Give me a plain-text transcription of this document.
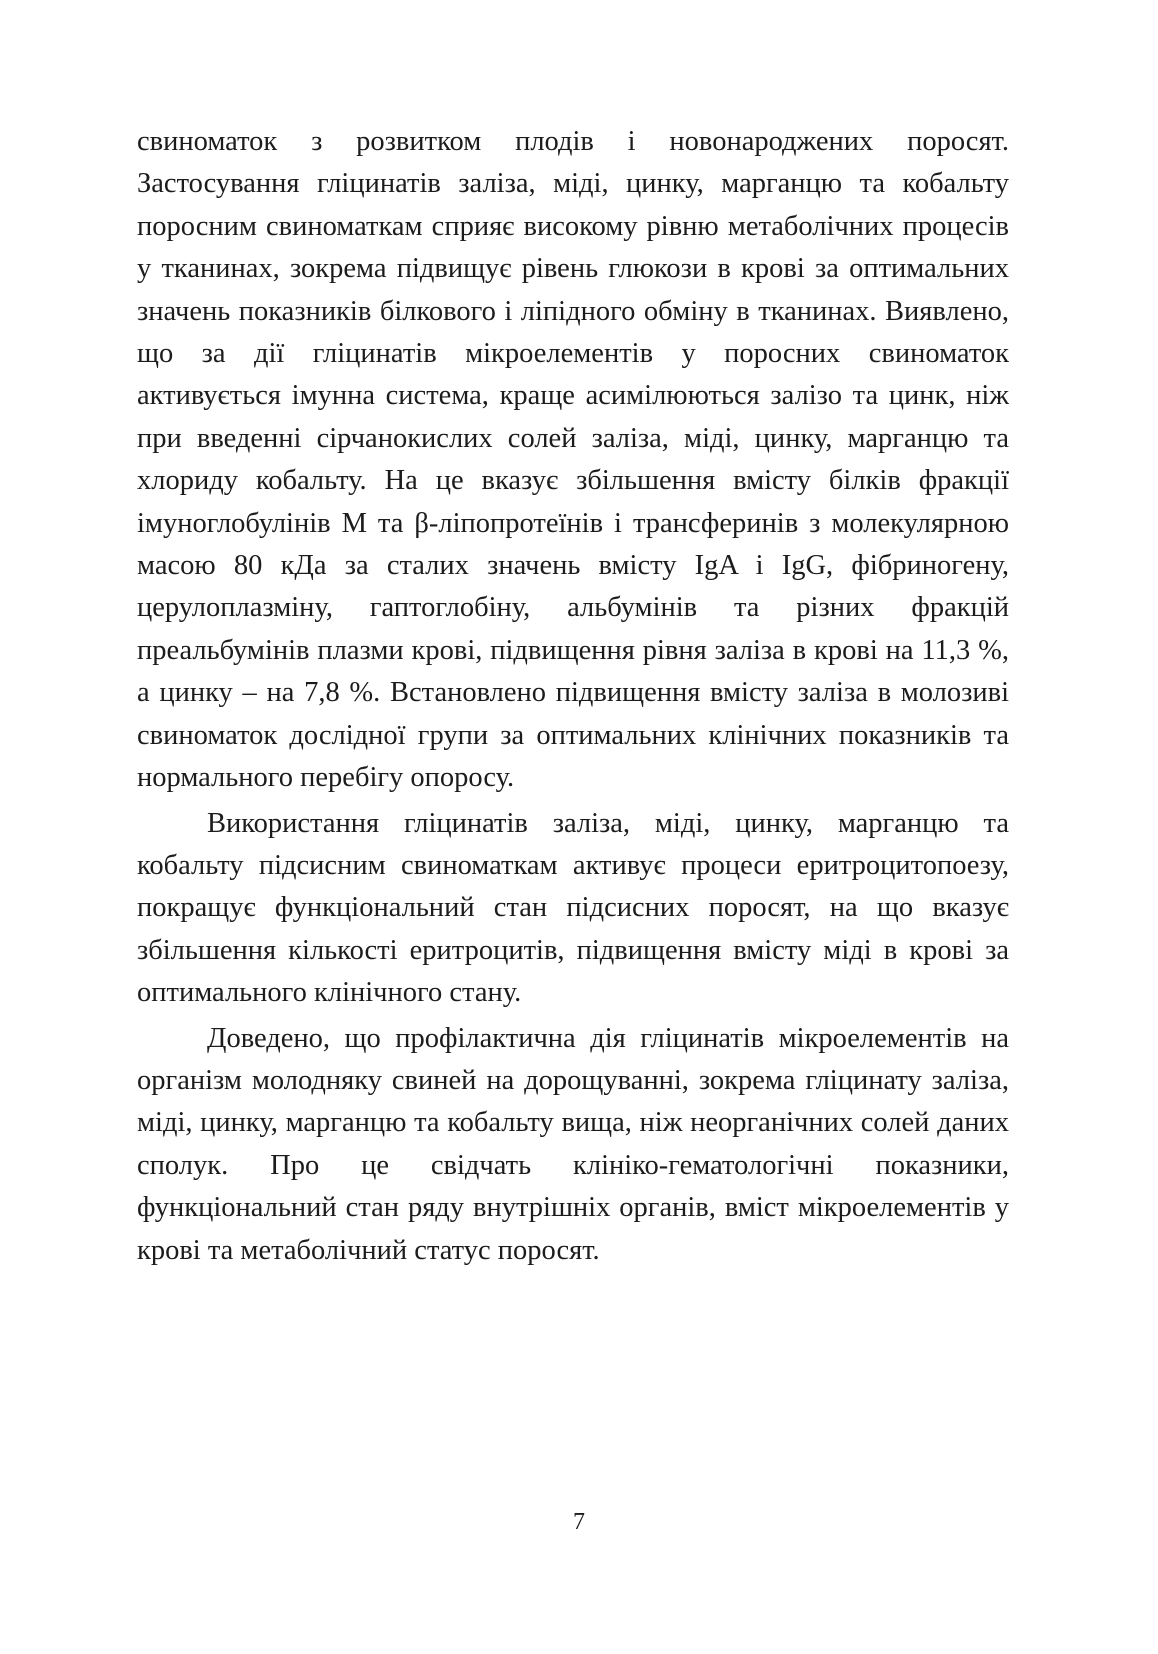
свиноматок з розвитком плодів і новонароджених поросят. Застосування гліцинатів заліза, міді, цинку, марганцю та кобальту поросним свиноматкам сприяє високому рівню метаболічних процесів у тканинах, зокрема підвищує рівень глюкози в крові за оптимальних значень показників білкового і ліпідного обміну в тканинах. Виявлено, що за дії гліцинатів мікроелементів у поросних свиноматок активується імунна система, краще асимілюються залізо та цинк, ніж при введенні сірчанокислих солей заліза, міді, цинку, марганцю та хлориду кобальту. На це вказує збільшення вмісту білків фракції імуноглобулінів М та β-ліпопротеїнів і трансферинів з молекулярною масою 80 кДа за сталих значень вмісту IgA і IgG, фібриногену, церулоплазміну, гаптоглобіну, альбумінів та різних фракцій преальбумінів плазми крові, підвищення рівня заліза в крові на 11,3 %, а цинку – на 7,8 %. Встановлено підвищення вмісту заліза в молозиві свиноматок дослідної групи за оптимальних клінічних показників та нормального перебігу опоросу.

Використання гліцинатів заліза, міді, цинку, марганцю та кобальту підсисним свиноматкам активує процеси еритроцитопоезу, покращує функціональний стан підсисних поросят, на що вказує збільшення кількості еритроцитів, підвищення вмісту міді в крові за оптимального клінічного стану.

Доведено, що профілактична дія гліцинатів мікроелементів на організм молодняку свиней на дорощуванні, зокрема гліцинату заліза, міді, цинку, марганцю та кобальту вища, ніж неорганічних солей даних сполук. Про це свідчать клініко-гематологічні показники, функціональний стан ряду внутрішніх органів, вміст мікроелементів у крові та метаболічний статус поросят.

7
